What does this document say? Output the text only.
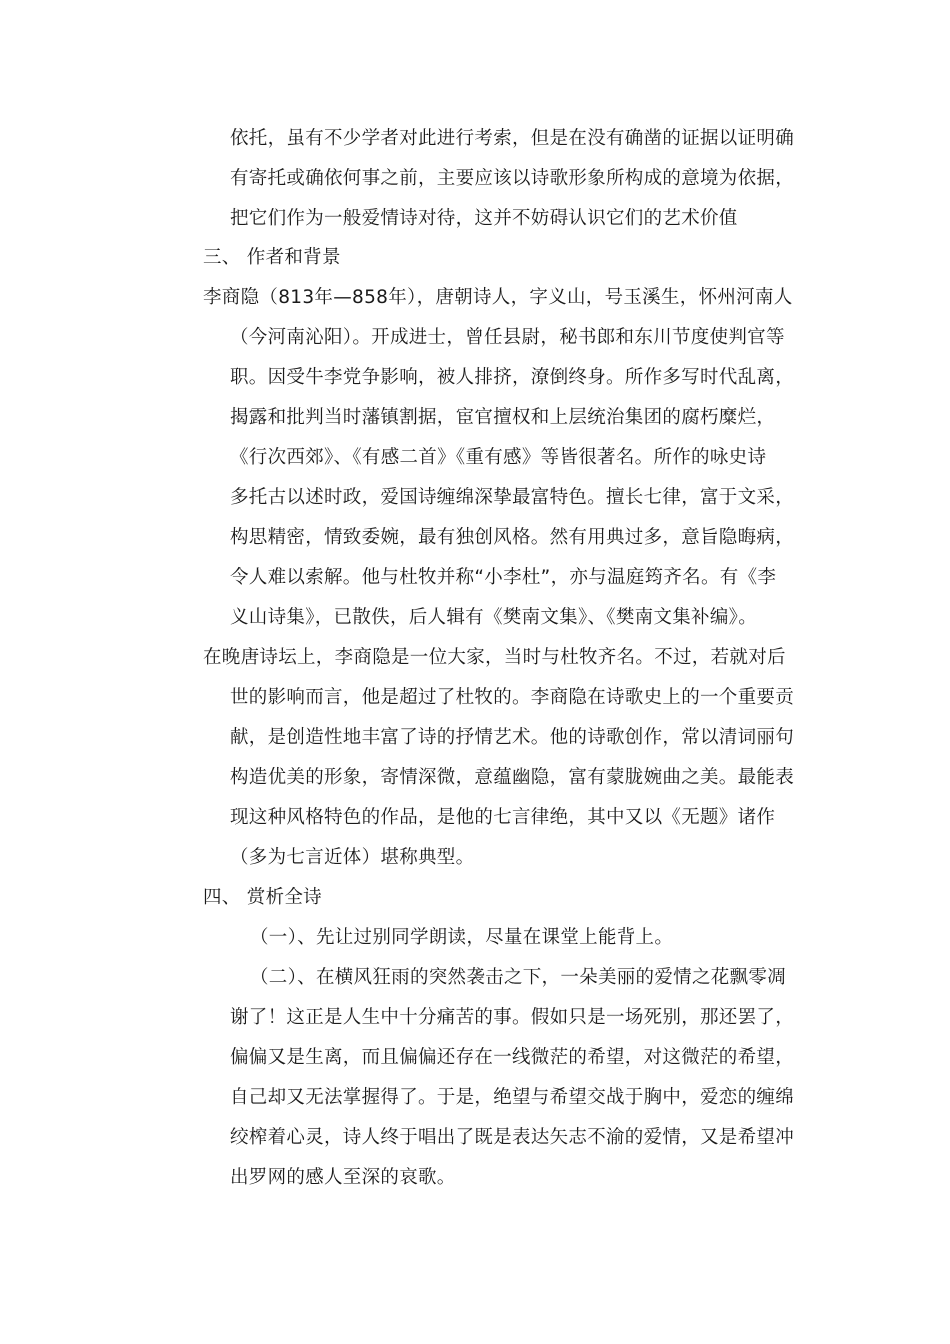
依托，虽有不少学者对此进行考索，但是在没有确凿的证据以证明确
有寄托或确依何事之前，主要应该以诗歌形象所构成的意境为依据，
把它们作为一般爱情诗对待，这并不妨碍认识它们的艺术价值
三、 作者和背景
李商隐（813年—858年），唐朝诗人，字义山，号玉溪生，怀州河南人
（今河南沁阳）。开成进士，曾任县尉，秘书郎和东川节度使判官等
职。因受牛李党争影响，被人排挤，潦倒终身。所作多写时代乱离，
揭露和批判当时藩镇割据，宦官擅权和上层统治集团的腐朽糜烂，
《行次西郊》、《有感二首》《重有感》等皆很著名。所作的咏史诗
多托古以述时政，爱国诗缠绵深挚最富特色。擅长七律，富于文采，
构思精密，情致委婉，最有独创风格。然有用典过多，意旨隐晦病，
令人难以索解。他与杜牧并称“小李杜”，亦与温庭筠齐名。有《李
义山诗集》，已散佚，后人辑有《樊南文集》、《樊南文集补编》。
在晚唐诗坛上，李商隐是一位大家，当时与杜牧齐名。不过，若就对后
世的影响而言，他是超过了杜牧的。李商隐在诗歌史上的一个重要贡
献，是创造性地丰富了诗的抒情艺术。他的诗歌创作，常以清词丽句
构造优美的形象，寄情深微，意蕴幽隐，富有蒙胧婉曲之美。最能表
现这种风格特色的作品，是他的七言律绝，其中又以《无题》诸作
（多为七言近体）堪称典型。
四、 赏析全诗
（一）、先让过别同学朗读，尽量在课堂上能背上。
（二）、在横风狂雨的突然袭击之下，一朵美丽的爱情之花飘零凋
谢了！这正是人生中十分痛苦的事。假如只是一场死别，那还罢了，
偏偏又是生离，而且偏偏还存在一线微茫的希望，对这微茫的希望，
自己却又无法掌握得了。于是，绝望与希望交战于胸中，爱恋的缠绵
绞榨着心灵，诗人终于唱出了既是表达矢志不渝的爱情，又是希望冲
出罗网的感人至深的哀歌。
